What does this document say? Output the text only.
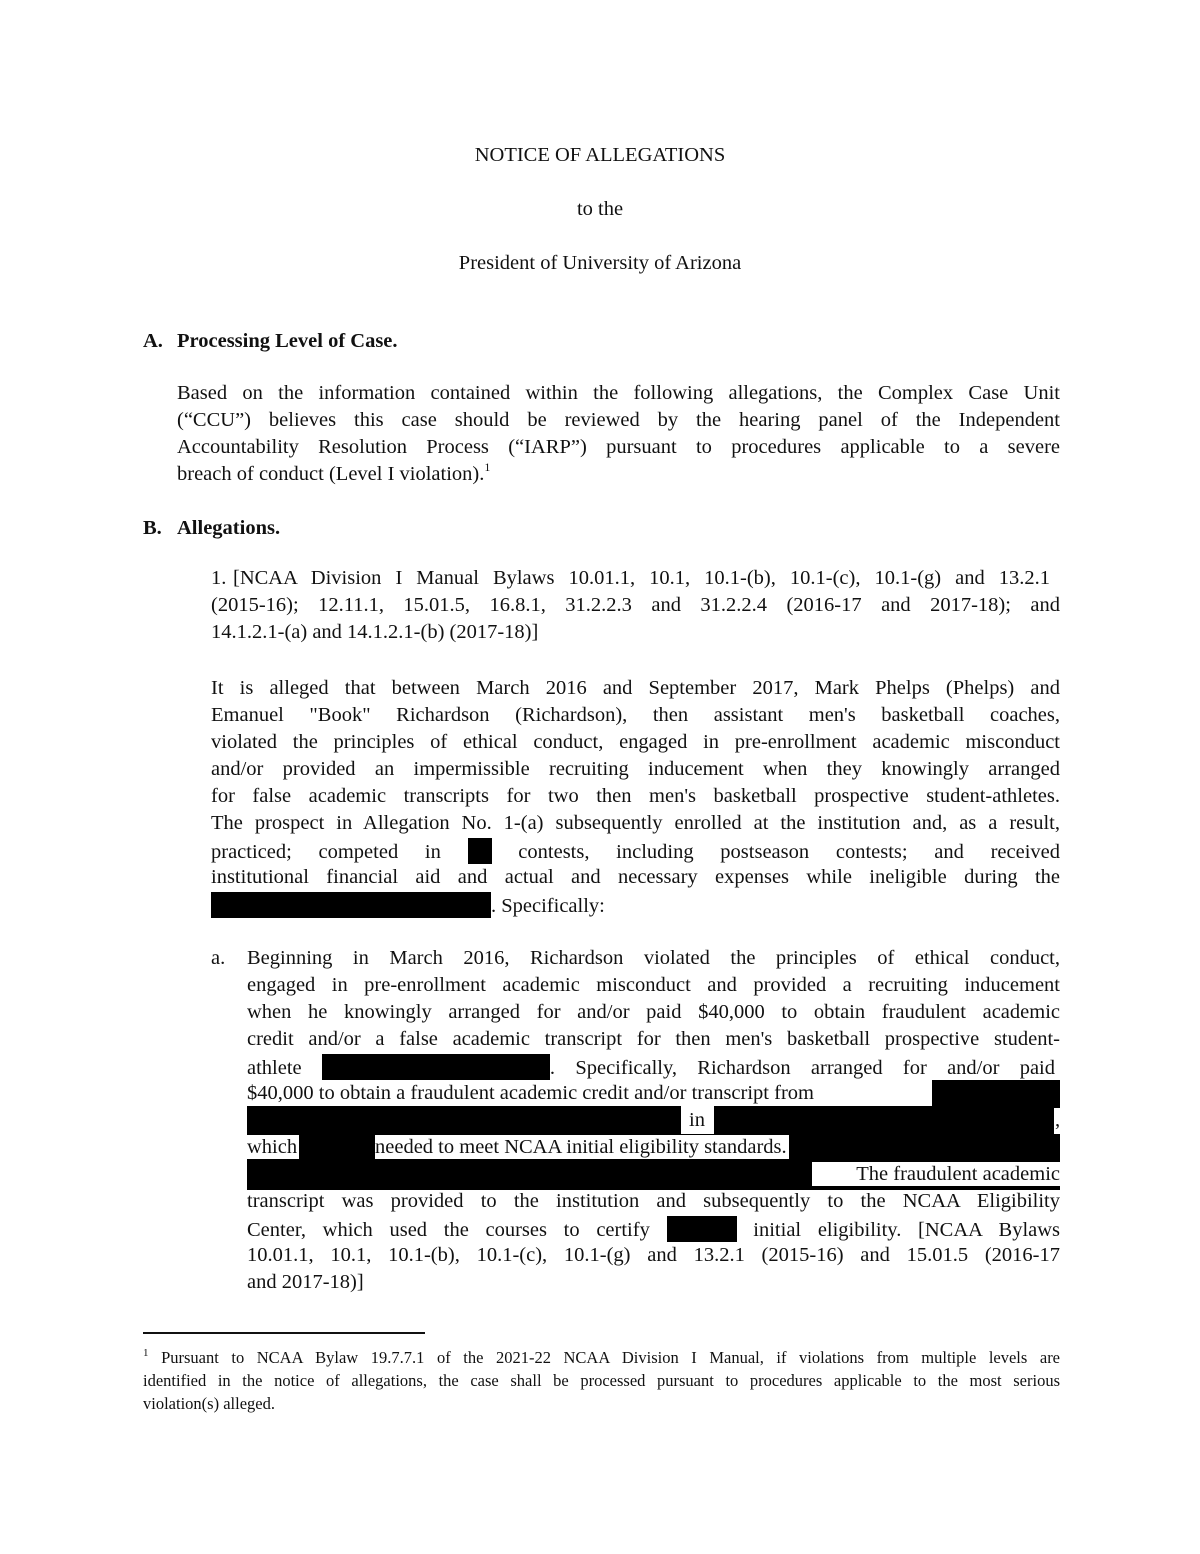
NOTICE OF ALLEGATIONS
to the
President of University of Arizona
A. Processing Level of Case.
Based on the information contained within the following allegations, the Complex Case Unit
(“CCU”) believes this case should be reviewed by the hearing panel of the Independent
Accountability Resolution Process (“IARP”) pursuant to procedures applicable to a severe
breach of conduct (Level I violation).$^1$
B. Allegations.
1. [NCAA Division I Manual Bylaws 10.01.1, 10.1, 10.1-(b), 10.1-(c), 10.1-(g) and 13.2.1
(2015-16); 12.11.1, 15.01.5, 16.8.1, 31.2.2.3 and 31.2.2.4 (2016-17 and 2017-18); and
14.1.2.1-(a) and 14.1.2.1-(b) (2017-18)]
It is alleged that between March 2016 and September 2017, Mark Phelps (Phelps) and
Emanuel "Book" Richardson (Richardson), then assistant men's basketball coaches,
violated the principles of ethical conduct, engaged in pre-enrollment academic misconduct
and/or provided an impermissible recruiting inducement when they knowingly arranged
for false academic transcripts for two then men's basketball prospective student-athletes.
The prospect in Allegation No. 1-(a) subsequently enrolled at the institution and, as a result,
practiced; competed in	contests, including postseason contests; and received
institutional financial aid and actual and necessary expenses while ineligible during the
. Specifically:
a. Beginning in March 2016, Richardson violated the principles of ethical conduct,
engaged in pre-enrollment academic misconduct and provided a recruiting inducement
when he knowingly arranged for and/or paid $40,000 to obtain fraudulent academic
credit and/or a false academic transcript for then men's basketball prospective student-
athlete	. Specifically, Richardson arranged for and/or paid
$40,000 to obtain a fraudulent academic credit and/or transcript from
in	,
which	needed to meet NCAA initial eligibility standards.
The fraudulent academic
transcript was provided to the institution and subsequently to the NCAA Eligibility
Center, which used the courses to certify	initial eligibility. [NCAA Bylaws
10.01.1, 10.1, 10.1-(b), 10.1-(c), 10.1-(g) and 13.2.1 (2015-16) and 15.01.5 (2016-17
and 2017-18)]
$^1$ Pursuant to NCAA Bylaw 19.7.7.1 of the 2021-22 NCAA Division I Manual, if violations from multiple levels are
identified in the notice of allegations, the case shall be processed pursuant to procedures applicable to the most serious
violation(s) alleged.
